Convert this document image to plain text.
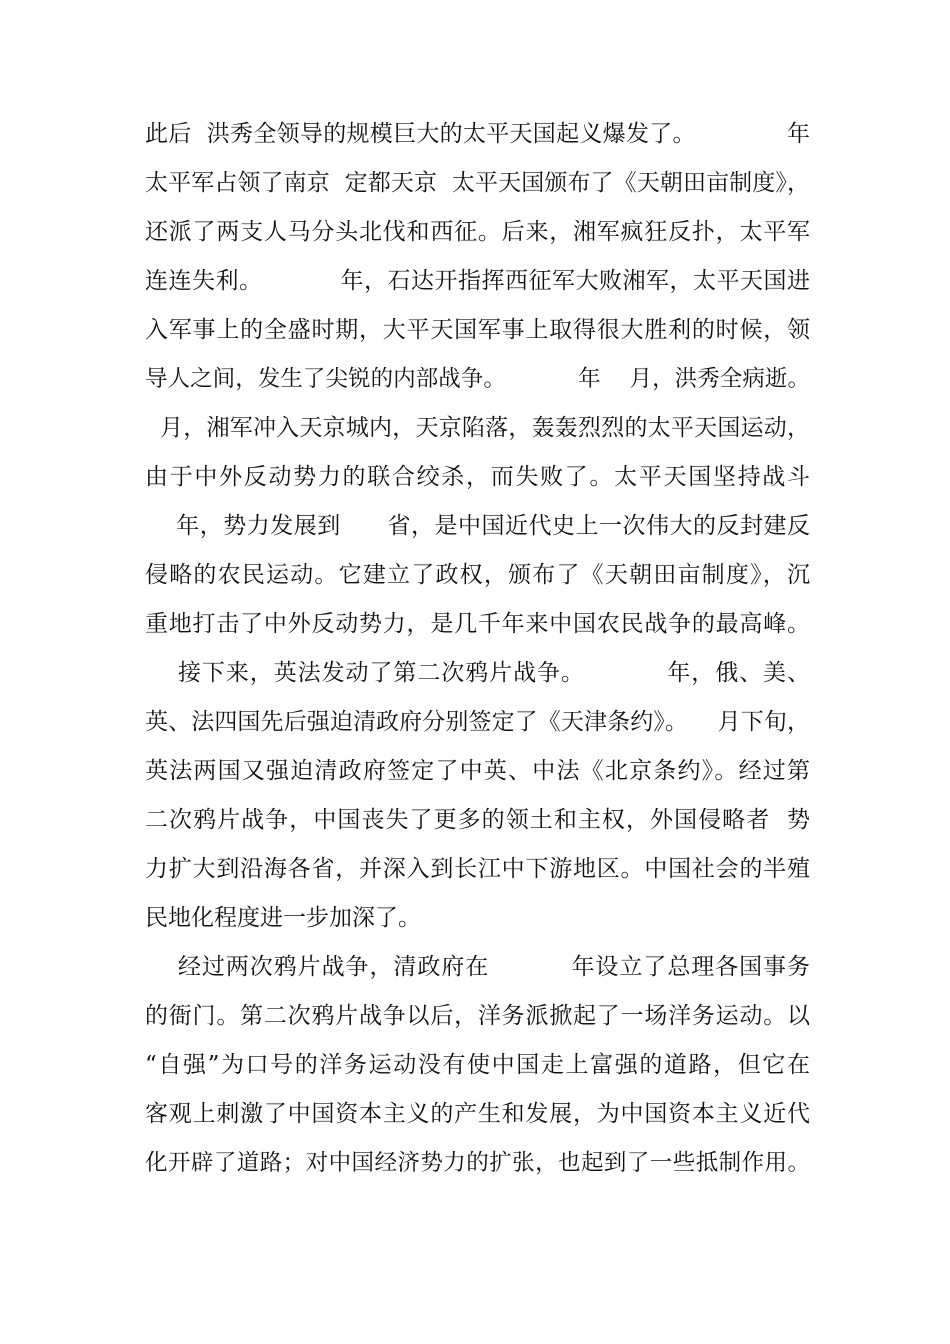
此后  洪秀全领导的规模巨大的太平天国起义爆发了。            年
太平军占领了南京  定都天京  太平天国颁布了《天朝田亩制度》，
还派了两支人马分头北伐和西征。后来，湘军疯狂反扑，太平军
连连失利。          年，石达开指挥西征军大败湘军，太平天国进
入军事上的全盛时期，大平天国军事上取得很大胜利的时候，领
导人之间，发生了尖锐的内部战争。          年    月，洪秀全病逝。
月，湘军冲入天京城内，天京陷落，轰轰烈烈的太平天国运动，
由于中外反动势力的联合绞杀，而失败了。太平天国坚持战斗
年，势力发展到      省，是中国近代史上一次伟大的反封建反
侵略的农民运动。它建立了政权，颁布了《天朝田亩制度》，沉
重地打击了中外反动势力，是几千年来中国农民战争的最高峰。
接下来，英法发动了第二次鸦片战争。          年，俄、美、
英、法四国先后强迫清政府分别签定了《天津条约》。    月下旬，
英法两国又强迫清政府签定了中英、中法《北京条约》。经过第
二次鸦片战争，中国丧失了更多的领土和主权，外国侵略者  势
力扩大到沿海各省，并深入到长江中下游地区。中国社会的半殖
民地化程度进一步加深了。
经过两次鸦片战争，清政府在          年设立了总理各国事务
的衙门。第二次鸦片战争以后，洋务派掀起了一场洋务运动。以
“自强”为口号的洋务运动没有使中国走上富强的道路，但它在
客观上刺激了中国资本主义的产生和发展，为中国资本主义近代
化开辟了道路；对中国经济势力的扩张，也起到了一些抵制作用。
